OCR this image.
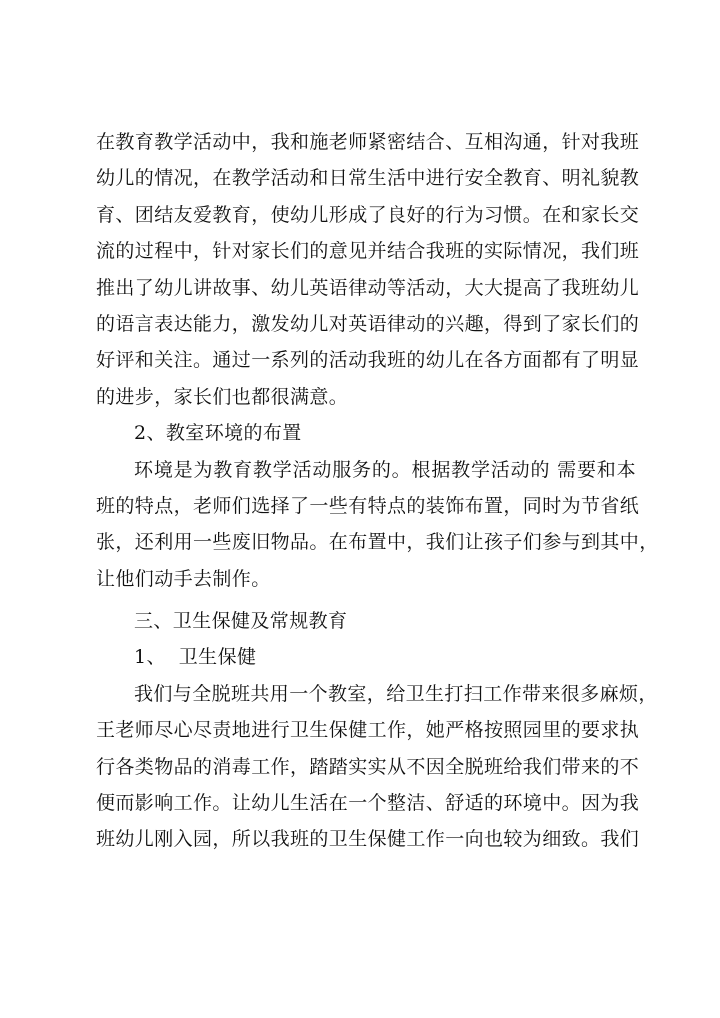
在教育教学活动中，我和施老师紧密结合、互相沟通，针对我班
幼儿的情况，在教学活动和日常生活中进行安全教育、明礼貌教
育、团结友爱教育，使幼儿形成了良好的行为习惯。在和家长交
流的过程中，针对家长们的意见并结合我班的实际情况，我们班
推出了幼儿讲故事、幼儿英语律动等活动，大大提高了我班幼儿
的语言表达能力，激发幼儿对英语律动的兴趣，得到了家长们的
好评和关注。通过一系列的活动我班的幼儿在各方面都有了明显
的进步，家长们也都很满意。
2、教室环境的布置
环境是为教育教学活动服务的。根据教学活动的 需要和本
班的特点，老师们选择了一些有特点的装饰布置，同时为节省纸
张，还利用一些废旧物品。在布置中，我们让孩子们参与到其中，
让他们动手去制作。
三、卫生保健及常规教育
1、  卫生保健
我们与全脱班共用一个教室，给卫生打扫工作带来很多麻烦，
王老师尽心尽责地进行卫生保健工作，她严格按照园里的要求执
行各类物品的消毒工作，踏踏实实从不因全脱班给我们带来的不
便而影响工作。让幼儿生活在一个整洁、舒适的环境中。因为我
班幼儿刚入园，所以我班的卫生保健工作一向也较为细致。我们
